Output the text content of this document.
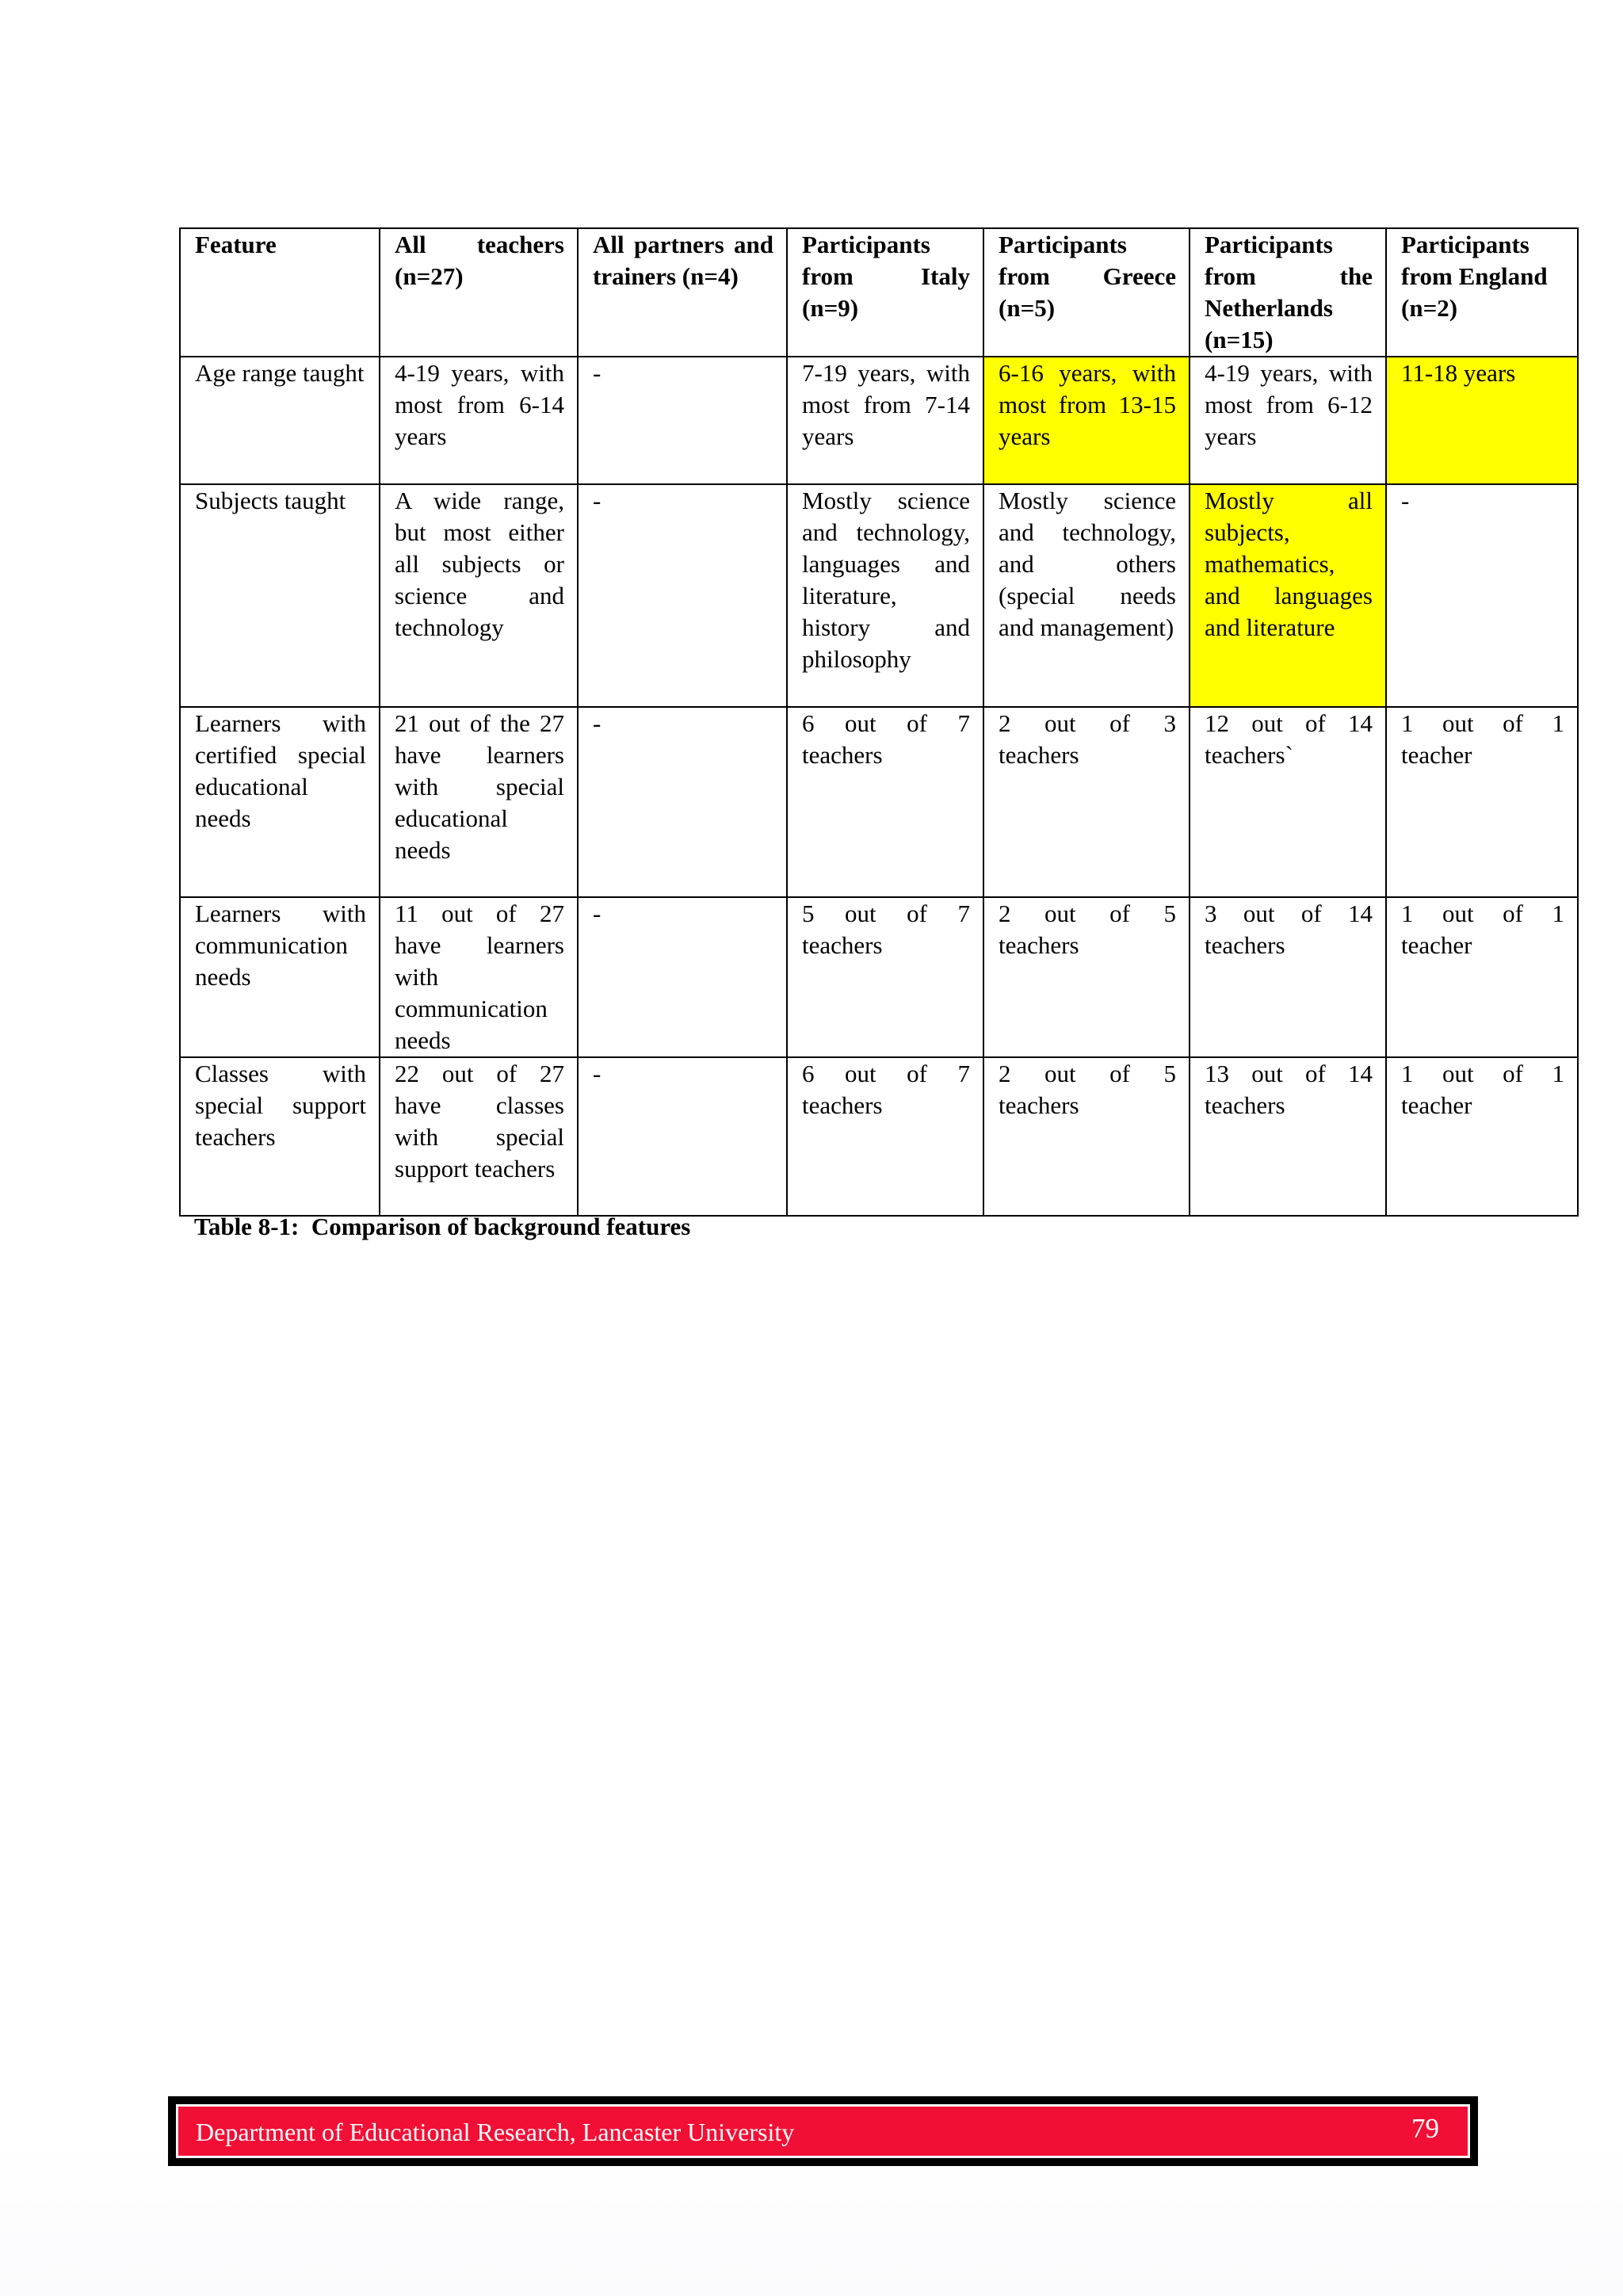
Feature	All teachers (n=27)	All partners and trainers (n=4)	Participants from Italy (n=9)	Participants from Greece (n=5)	Participants from the Netherlands (n=15)	Participants from England (n=2)
Age range taught	4-19 years, with most from 6-14 years	-	7-19 years, with most from 7-14 years	6-16 years, with most from 13-15 years	4-19 years, with most from 6-12 years	11-18 years
Subjects taught	A wide range, but most either all subjects or science and technology	-	Mostly science and technology, languages and literature, history and philosophy	Mostly science and technology, and others (special needs and management)	Mostly all subjects, mathematics, and languages and literature	-
Learners with certified special educational needs	21 out of the 27 have learners with special educational needs	-	6 out of 7 teachers	2 out of 3 teachers	12 out of 14 teachers`	1 out of 1 teacher
Learners with communication needs	11 out of 27 have learners with communication needs	-	5 out of 7 teachers	2 out of 5 teachers	3 out of 14 teachers	1 out of 1 teacher
Classes with special support teachers	22 out of 27 have classes with special support teachers	-	6 out of 7 teachers	2 out of 5 teachers	13 out of 14 teachers	1 out of 1 teacher
Table 8-1:  Comparison of background features
Department of Educational Research, Lancaster University	79
